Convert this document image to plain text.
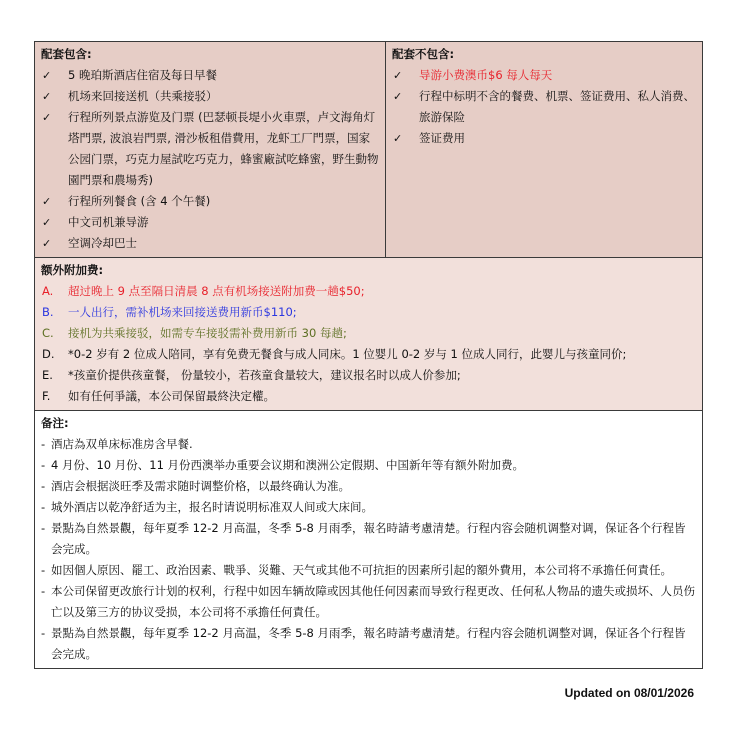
配套包含:

✓ 5 晚珀斯酒店住宿及每日早餐
✓ 机场来回接送机（共乘接驳）
✓ 行程所列景点游览及门票 (巴瑟顿長堤小火車票，卢文海角灯塔門票, 波浪岩門票, 滑沙板租借費用，龙虾工厂門票，国家公园门票，巧克力屋試吃巧克力，蜂蜜廠試吃蜂蜜，野生動物園門票和農場秀)
✓ 行程所列餐食 (含 4 个午餐)
✓ 中文司机兼导游
✓ 空调冷却巴士

配套不包含:

✓ 导游小费澳币$6 每人每天
✓ 行程中标明不含的餐费、机票、签证费用、私人消费、旅游保险
✓ 签证费用

额外附加费:

A. 超过晚上 9 点至隔日清晨 8 点有机场接送附加费一趟$50;
B. 一人出行，需补机场来回接送费用新币$110;
C. 接机为共乘接驳，如需专车接驳需补费用新币 30 每趟;
D. *0-2 岁有 2 位成人陪同，享有免费无餐食与成人同床。1 位婴儿 0-2 岁与 1 位成人同行，此婴儿与孩童同价;
E. *孩童价提供孩童餐， 份量较小，若孩童食量较大，建议报名时以成人价参加;
F. 如有任何爭議，本公司保留最終決定權。

备注:

- 酒店為双单床标准房含早餐.
- 4 月份、10 月份、11 月份西澳举办重要会议期和澳洲公定假期、中国新年等有额外附加费。
- 酒店会根据淡旺季及需求随时调整价格，以最终确认为准。
- 城外酒店以乾净舒适为主，报名时请说明标准双人间或大床间。
- 景點為自然景觀，每年夏季 12-2 月高温，冬季 5-8 月雨季，報名時請考慮清楚。行程内容会随机调整对调，保证各个行程皆会完成。
- 如因個人原因、罷工、政治因素、戰爭、災難、天气或其他不可抗拒的因素所引起的額外費用，本公司将不承擔任何責任。
- 本公司保留更改旅行计划的权利，行程中如因车辆故障或因其他任何因素而导致行程更改、任何私人物品的遗失或损坏、人员伤亡以及第三方的协议受损，本公司将不承擔任何責任。
- 景點為自然景觀，每年夏季 12-2 月高温，冬季 5-8 月雨季，報名時請考慮清楚。行程内容会随机调整对调，保证各个行程皆会完成。
Updated on 08/01/2026
